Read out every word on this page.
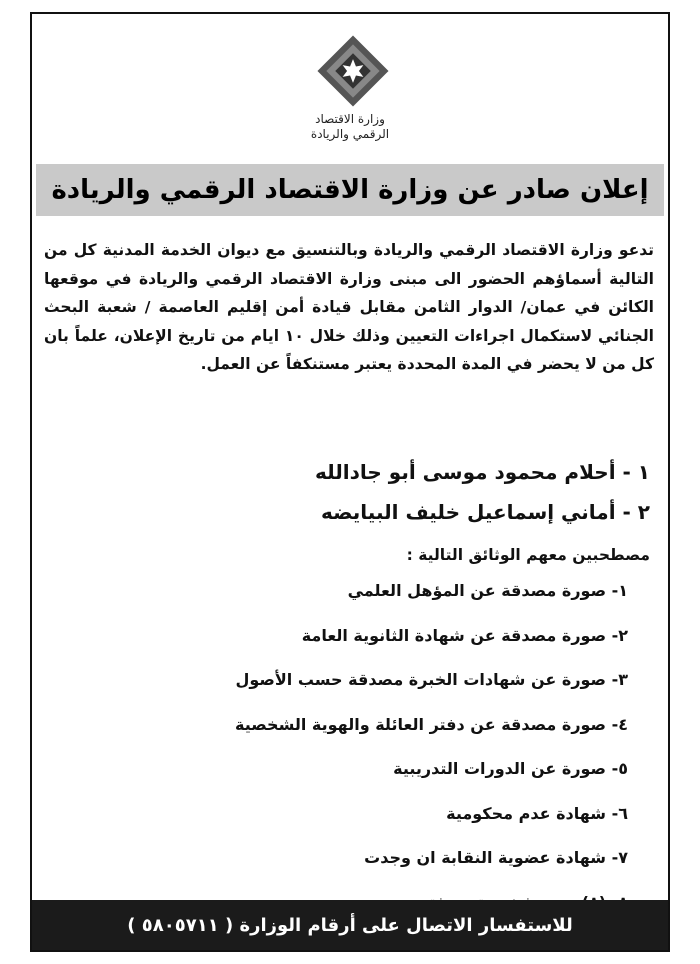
وزارة الاقتصاد
الرقمي والريادة
إعلان صادر عن وزارة الاقتصاد الرقمي والريادة
تدعو وزارة الاقتصاد الرقمي والريادة وبالتنسيق مع ديوان الخدمة المدنية كل من التالية أسماؤهم الحضور الى مبنى وزارة الاقتصاد الرقمي والريادة في موقعها الكائن في عمان/ الدوار الثامن مقابل قيادة أمن إقليم العاصمة / شعبة البحث الجنائي لاستكمال اجراءات التعيين وذلك خلال ١٠ ايام من تاريخ الإعلان، علماً بان كل من لا يحضر في المدة المحددة يعتبر مستنكفاً عن العمل.
١ - أحلام محمود موسى أبو جادالله
٢ - أماني إسماعيل خليف البيايضه
مصطحبين معهم الوثائق التالية :
١- صورة مصدقة عن المؤهل العلمي
٢- صورة مصدقة عن شهادة الثانوية العامة
٣- صورة عن شهادات الخبرة مصدقة حسب الأصول
٤- صورة مصدقة عن دفتر العائلة والهوية الشخصية
٥- صورة عن الدورات التدريبية
٦- شهادة عدم محكومية
٧- شهادة عضوية النقابة ان وجدت
للاستفسار الاتصال على أرقام الوزارة ( ٥٨٠٥٧١١ )
